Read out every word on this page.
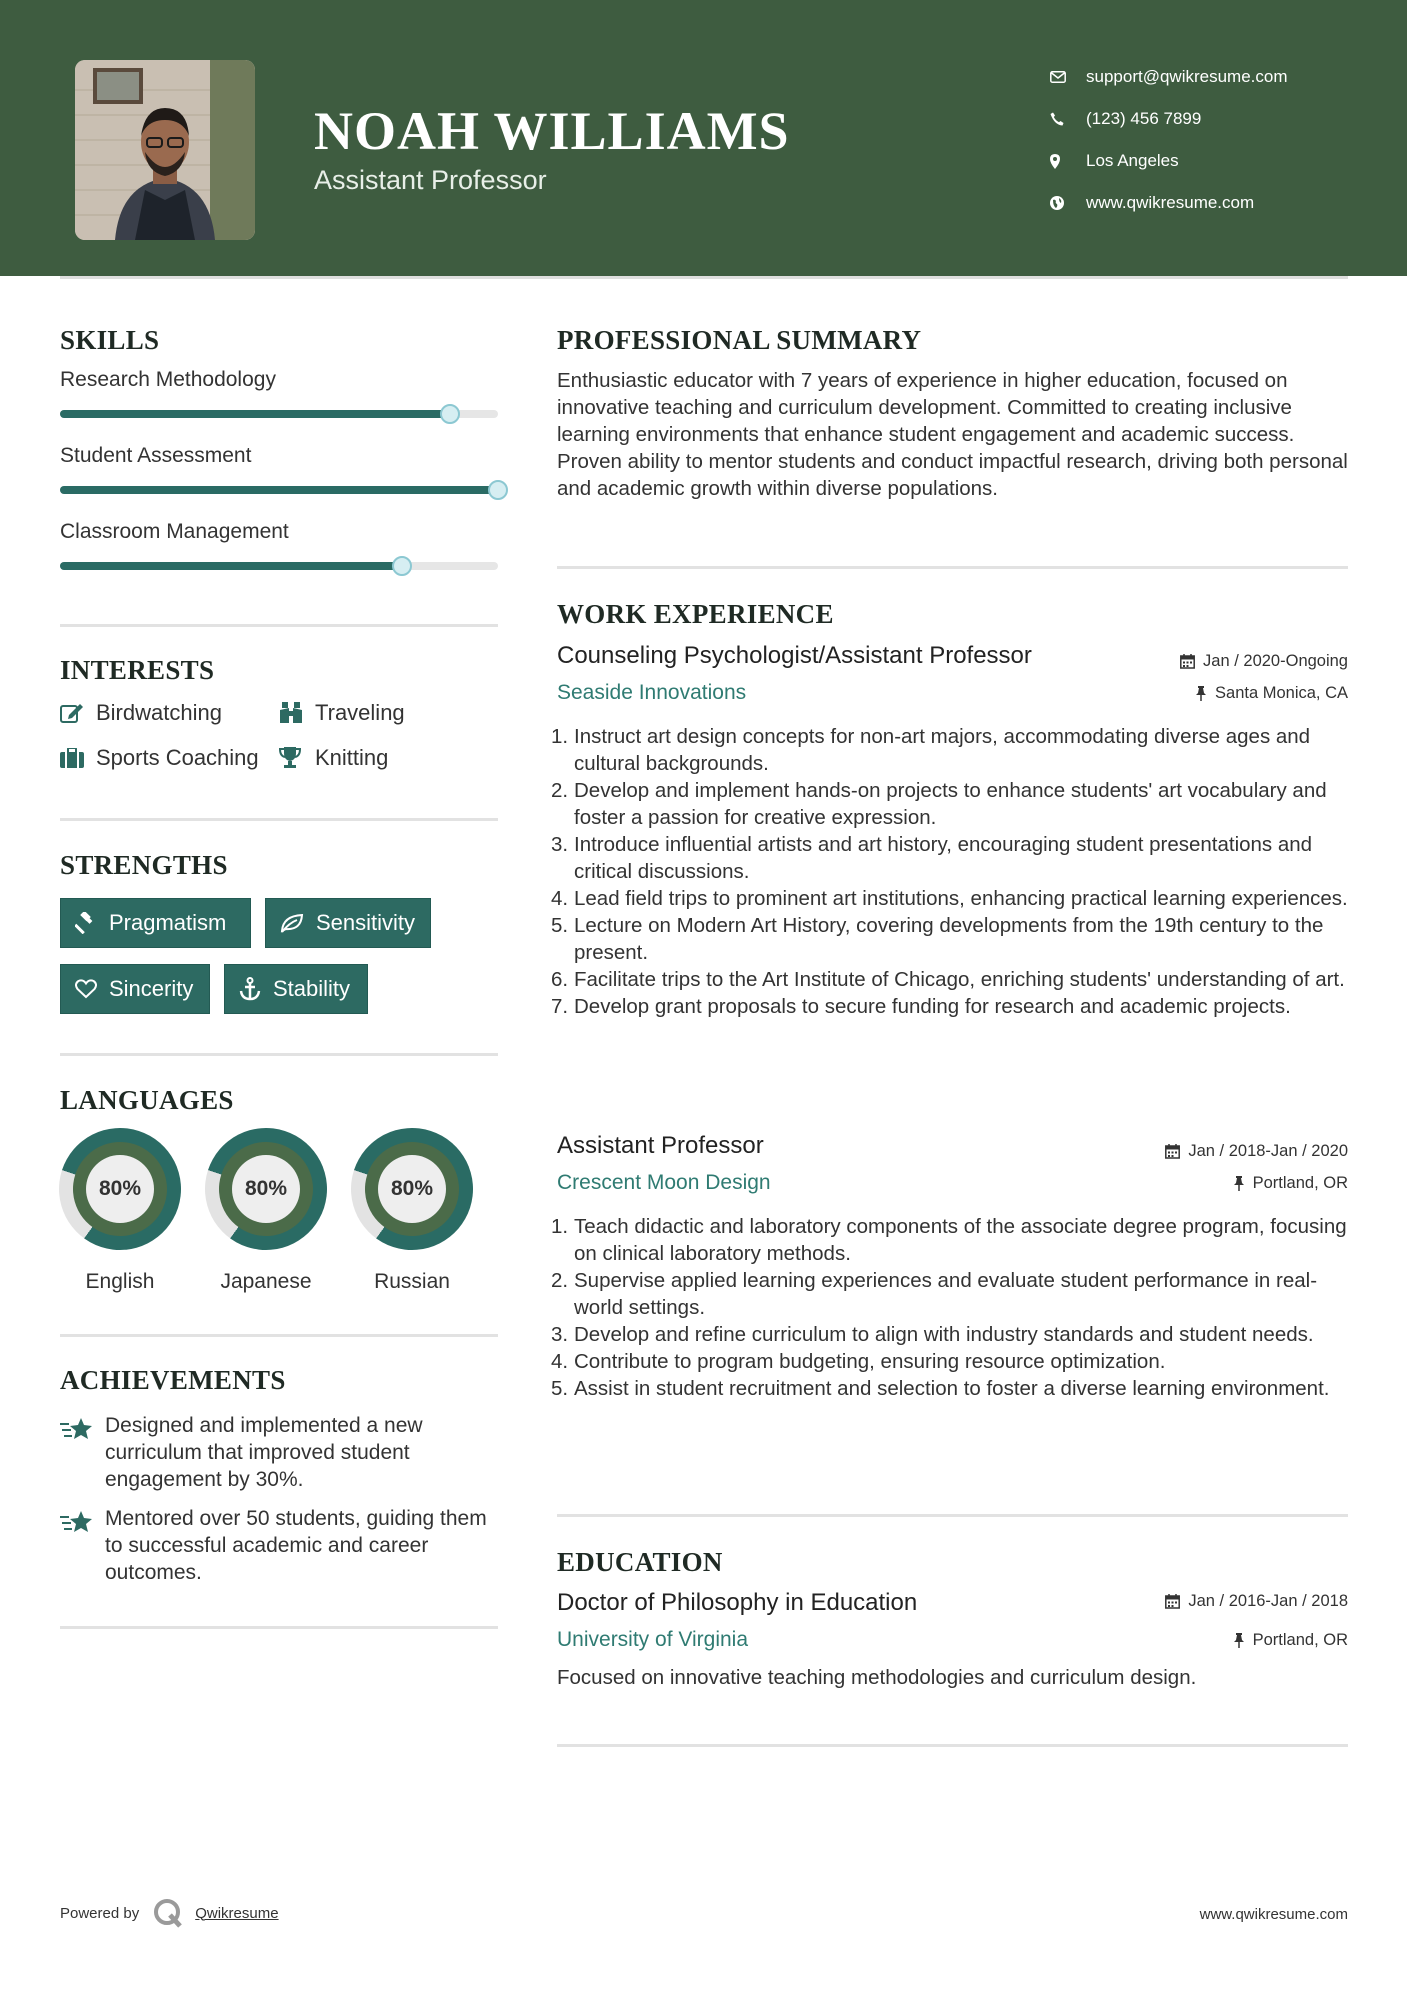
NOAH WILLIAMS
Assistant Professor
support@qwikresume.com
(123) 456 7899
Los Angeles
www.qwikresume.com
SKILLS
Research Methodology
Student Assessment
Classroom Management
INTERESTS
Birdwatching	Traveling
Sports Coaching	Knitting
STRENGTHS
Pragmatism	Sensitivity
Sincerity	Stability
LANGUAGES
80%
English
80%
Japanese
80%
Russian
ACHIEVEMENTS
Designed and implemented a new curriculum that improved student engagement by 30%.
Mentored over 50 students, guiding them to successful academic and career outcomes.
PROFESSIONAL SUMMARY
Enthusiastic educator with 7 years of experience in higher education, focused on innovative teaching and curriculum development. Committed to creating inclusive learning environments that enhance student engagement and academic success. Proven ability to mentor students and conduct impactful research, driving both personal and academic growth within diverse populations.
WORK EXPERIENCE
Counseling Psychologist/Assistant Professor	Jan / 2020-Ongoing
Seaside Innovations	Santa Monica, CA
1. Instruct art design concepts for non-art majors, accommodating diverse ages and cultural backgrounds.
2. Develop and implement hands-on projects to enhance students' art vocabulary and foster a passion for creative expression.
3. Introduce influential artists and art history, encouraging student presentations and critical discussions.
4. Lead field trips to prominent art institutions, enhancing practical learning experiences.
5. Lecture on Modern Art History, covering developments from the 19th century to the present.
6. Facilitate trips to the Art Institute of Chicago, enriching students' understanding of art.
7. Develop grant proposals to secure funding for research and academic projects.
Assistant Professor	Jan / 2018-Jan / 2020
Crescent Moon Design	Portland, OR
1. Teach didactic and laboratory components of the associate degree program, focusing on clinical laboratory methods.
2. Supervise applied learning experiences and evaluate student performance in real-world settings.
3. Develop and refine curriculum to align with industry standards and student needs.
4. Contribute to program budgeting, ensuring resource optimization.
5. Assist in student recruitment and selection to foster a diverse learning environment.
EDUCATION
Doctor of Philosophy in Education	Jan / 2016-Jan / 2018
University of Virginia	Portland, OR
Focused on innovative teaching methodologies and curriculum design.
Powered by	Qwikresume	www.qwikresume.com
